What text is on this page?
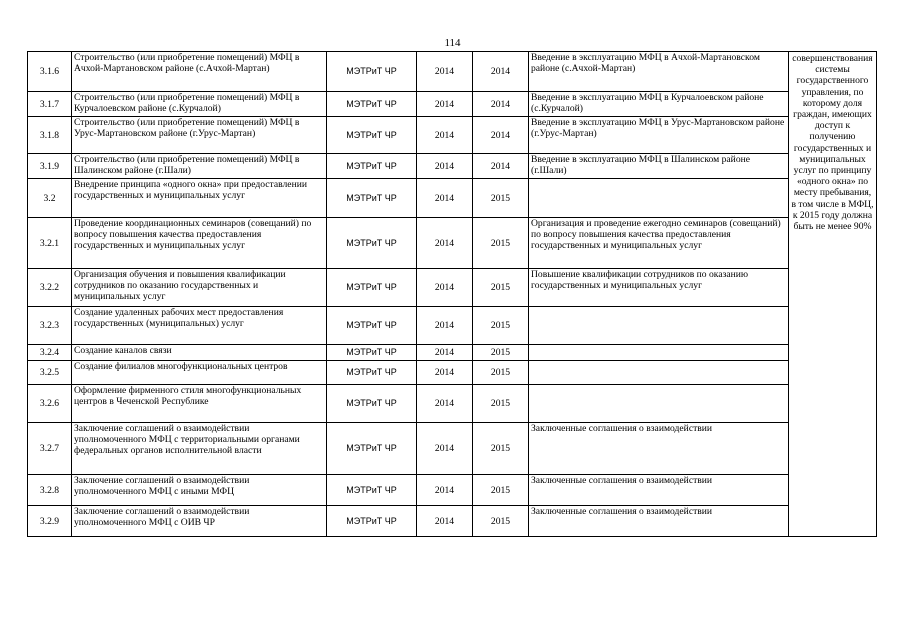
114
3.1.6	Строительство (или приобретение помещений) МФЦ в Ачхой-Мартановском районе (с.Ачхой-Мартан)	МЭТРиТ ЧР	2014	2014	Введение в эксплуатацию МФЦ в Ачхой-Мартановском районе (с.Ачхой-Мартан)	совершенствования системы государственного управления, по которому доля граждан, имеющих доступ к получению государственных и муниципальных услуг по принципу «одного окна» по месту пребывания, в том числе в МФЦ, к 2015 году должна быть не менее 90%
3.1.7	Строительство (или приобретение помещений) МФЦ в Курчалоевском районе (с.Курчалой)	МЭТРиТ ЧР	2014	2014	Введение в эксплуатацию МФЦ в Курчалоевском районе (с.Курчалой)	
3.1.8	Строительство (или приобретение помещений) МФЦ в Урус-Мартановском районе (г.Урус-Мартан)	МЭТРиТ ЧР	2014	2014	Введение в эксплуатацию МФЦ в Урус-Мартановском районе (г.Урус-Мартан)	
3.1.9	Строительство (или приобретение помещений) МФЦ в Шалинском районе (г.Шали)	МЭТРиТ ЧР	2014	2014	Введение в эксплуатацию МФЦ в Шалинском районе (г.Шали)	
3.2	Внедрение принципа «одного окна» при предоставлении государственных и муниципальных услуг	МЭТРиТ ЧР	2014	2015		
3.2.1	Проведение координационных семинаров (совещаний) по вопросу повышения качества предоставления государственных и муниципальных услуг	МЭТРиТ ЧР	2014	2015	Организация и проведение ежегодно семинаров (совещаний) по вопросу повышения качества предоставления государственных и муниципальных услуг	
3.2.2	Организация обучения и повышения квалификации сотрудников по оказанию государственных и муниципальных услуг	МЭТРиТ ЧР	2014	2015	Повышение квалификации сотрудников по оказанию государственных и муниципальных услуг	
3.2.3	Создание удаленных рабочих мест предоставления государственных (муниципальных) услуг	МЭТРиТ ЧР	2014	2015		
3.2.4	Создание каналов связи	МЭТРиТ ЧР	2014	2015		
3.2.5	Создание филиалов многофункциональных центров	МЭТРиТ ЧР	2014	2015		
3.2.6	Оформление фирменного стиля многофункциональных центров в Чеченской Республике	МЭТРиТ ЧР	2014	2015		
3.2.7	Заключение соглашений о взаимодействии уполномоченного МФЦ с территориальными органами федеральных органов исполнительной власти	МЭТРиТ ЧР	2014	2015	Заключенные соглашения о взаимодействии	
3.2.8	Заключение соглашений о взаимодействии уполномоченного МФЦ с иными МФЦ	МЭТРиТ ЧР	2014	2015	Заключенные соглашения о взаимодействии	
3.2.9	Заключение соглашений о взаимодействии уполномоченного МФЦ с ОИВ ЧР	МЭТРиТ ЧР	2014	2015	Заключенные соглашения о взаимодействии	
